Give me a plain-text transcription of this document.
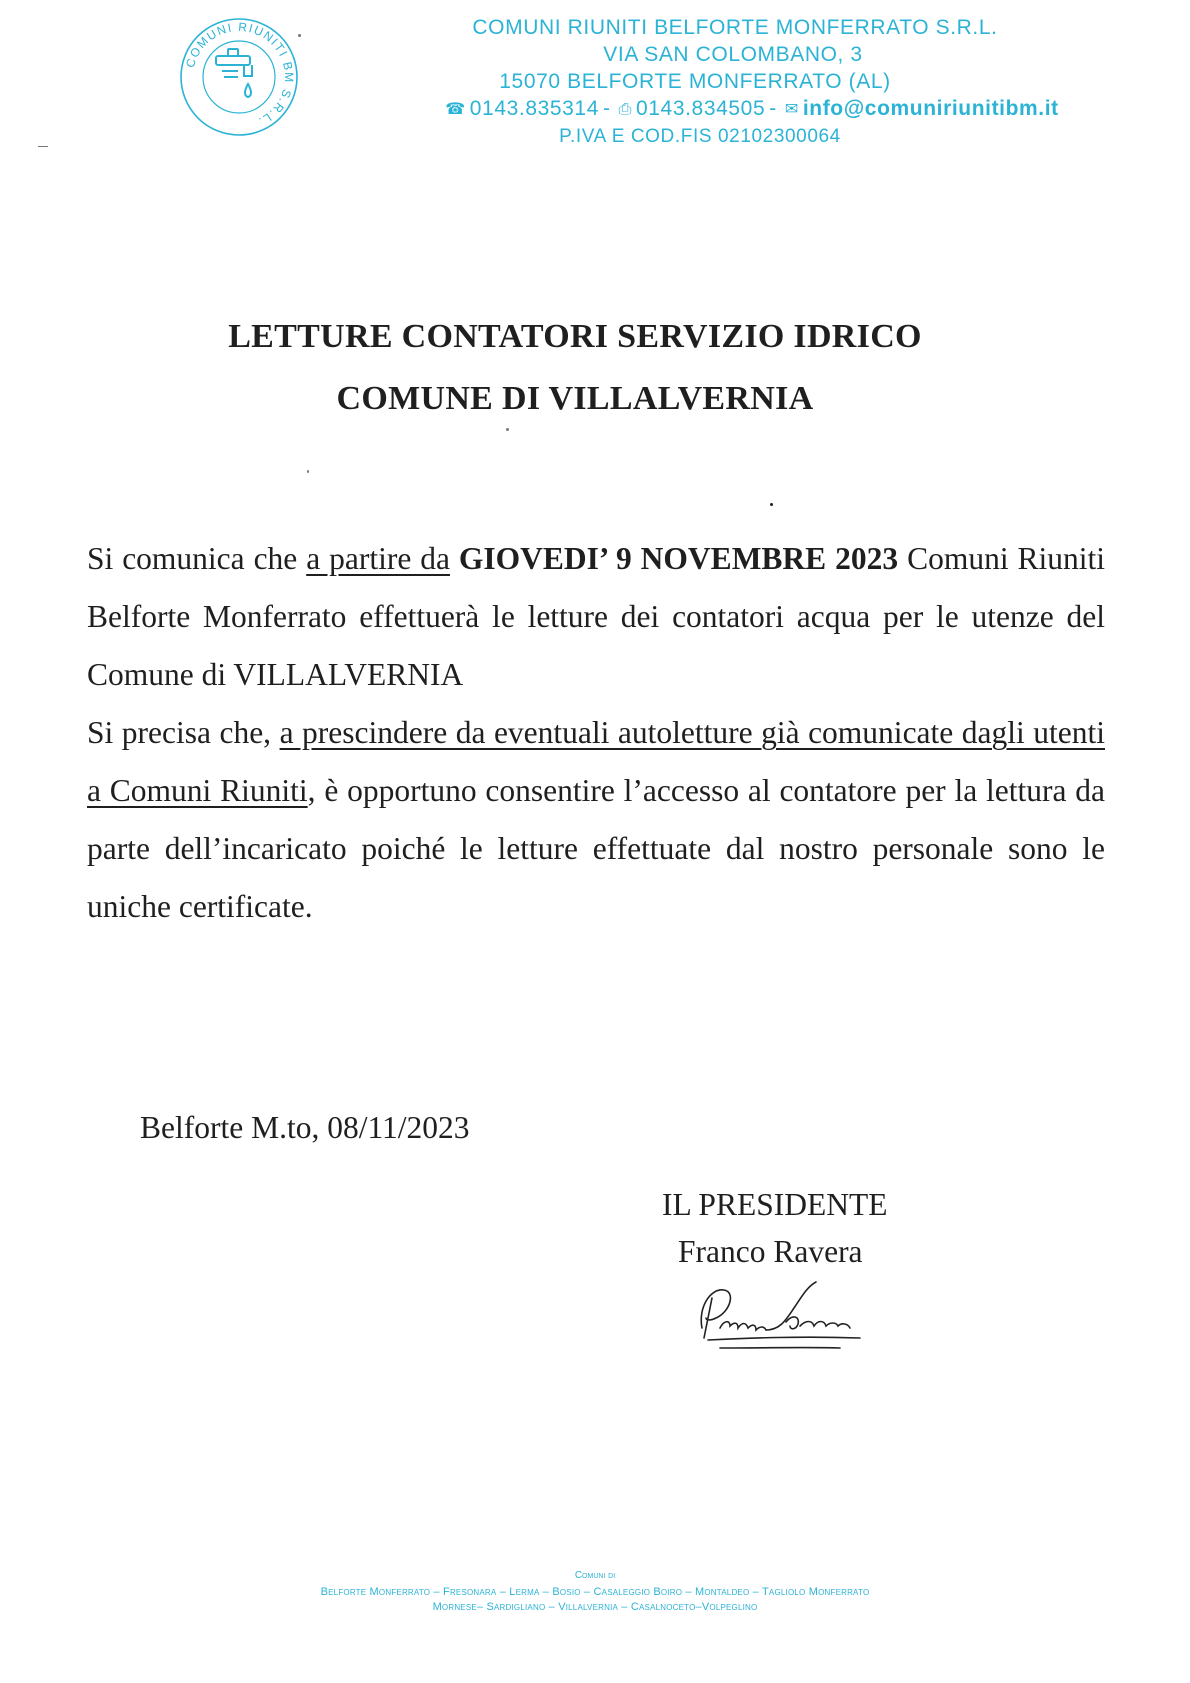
COMUNI RIUNITI BM S.R.L.
COMUNI RIUNITI BELFORTE MONFERRATO S.R.L.
VIA SAN COLOMBANO, 3
15070 BELFORTE MONFERRATO (AL)
☎ 0143.835314 - ⎙ 0143.834505 - ✉ info@comuniriunitibm.it
P.IVA E COD.FIS 02102300064
LETTURE CONTATORI SERVIZIO IDRICO
COMUNE DI VILLALVERNIA

Si comunica che a partire da GIOVEDI’ 9 NOVEMBRE 2023 Comuni Riuniti Belforte Monferrato effettuerà le letture dei contatori acqua per le utenze del Comune di VILLALVERNIA

Si precisa che, a prescindere da eventuali autoletture già comunicate dagli utenti a Comuni Riuniti, è opportuno consentire l’accesso al contatore per la lettura da parte dell’incaricato poiché le letture effettuate dal nostro personale sono le uniche certificate.

Belforte M.to, 08/11/2023
IL PRESIDENTE
Franco Ravera
Comuni di
Belforte Monferrato – Fresonara – Lerma – Bosio – Casaleggio Boiro – Montaldeo – Tagliolo Monferrato
Mornese– Sardigliano – Villalvernia – Casalnoceto–Volpeglino
